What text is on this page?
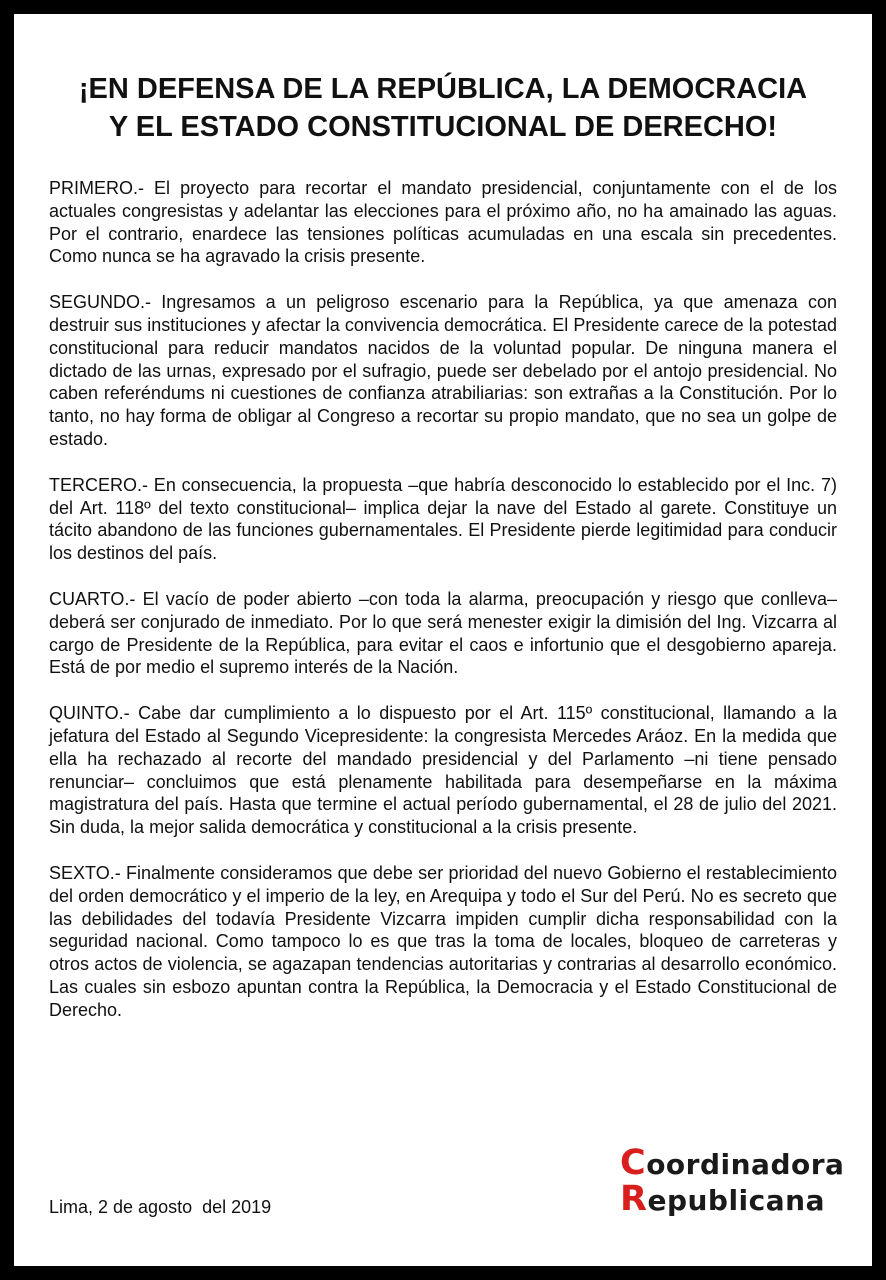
¡EN DEFENSA DE LA REPÚBLICA, LA DEMOCRACIA
Y EL ESTADO CONSTITUCIONAL DE DERECHO!

PRIMERO.- El proyecto para recortar el mandato presidencial, conjuntamente con el de los actuales congresistas y adelantar las elecciones para el próximo año, no ha amainado las aguas. Por el contrario, enardece las tensiones políticas acumuladas en una escala sin precedentes. Como nunca se ha agravado la crisis presente.

SEGUNDO.- Ingresamos a un peligroso escenario para la República, ya que amenaza con destruir sus instituciones y afectar la convivencia democrática. El Presidente carece de la potestad constitucional para reducir mandatos nacidos de la voluntad popular. De ninguna manera el dictado de las urnas, expresado por el sufragio, puede ser debelado por el antojo presidencial. No caben referéndums ni cuestiones de confianza atrabiliarias: son extrañas a la Constitución. Por lo tanto, no hay forma de obligar al Congreso a recortar su propio mandato, que no sea un golpe de estado.

TERCERO.- En consecuencia, la propuesta –que habría desconocido lo establecido por el Inc. 7) del Art. 118º del texto constitucional– implica dejar la nave del Estado al garete. Constituye un tácito abandono de las funciones gubernamentales. El Presidente pierde legitimidad para conducir los destinos del país.

CUARTO.- El vacío de poder abierto –con toda la alarma, preocupación y riesgo que conlleva– deberá ser conjurado de inmediato. Por lo que será menester exigir la dimisión del Ing. Vizcarra al cargo de Presidente de la República, para evitar el caos e infortunio que el desgobierno apareja. Está de por medio el supremo interés de la Nación.

QUINTO.- Cabe dar cumplimiento a lo dispuesto por el Art. 115º constitucional, llamando a la jefatura del Estado al Segundo Vicepresidente: la congresista Mercedes Aráoz. En la medida que ella ha rechazado al recorte del mandado presidencial y del Parlamento –ni tiene pensado renunciar– concluimos que está plenamente habilitada para desempeñarse en la máxima magistratura del país. Hasta que termine el actual período gubernamental, el 28 de julio del 2021. Sin duda, la mejor salida democrática y constitucional a la crisis presente.

SEXTO.- Finalmente consideramos que debe ser prioridad del nuevo Gobierno el restablecimiento del orden democrático y el imperio de la ley, en Arequipa y todo el Sur del Perú. No es secreto que las debilidades del todavía Presidente Vizcarra impiden cumplir dicha responsabilidad con la seguridad nacional. Como tampoco lo es que tras la toma de locales, bloqueo de carreteras y otros actos de violencia, se agazapan tendencias autoritarias y contrarias al desarrollo económico. Las cuales sin esbozo apuntan contra la República, la Democracia y el Estado Constitucional de Derecho.

Lima, 2 de agosto  del 2019
Coordinadora
Republicana
